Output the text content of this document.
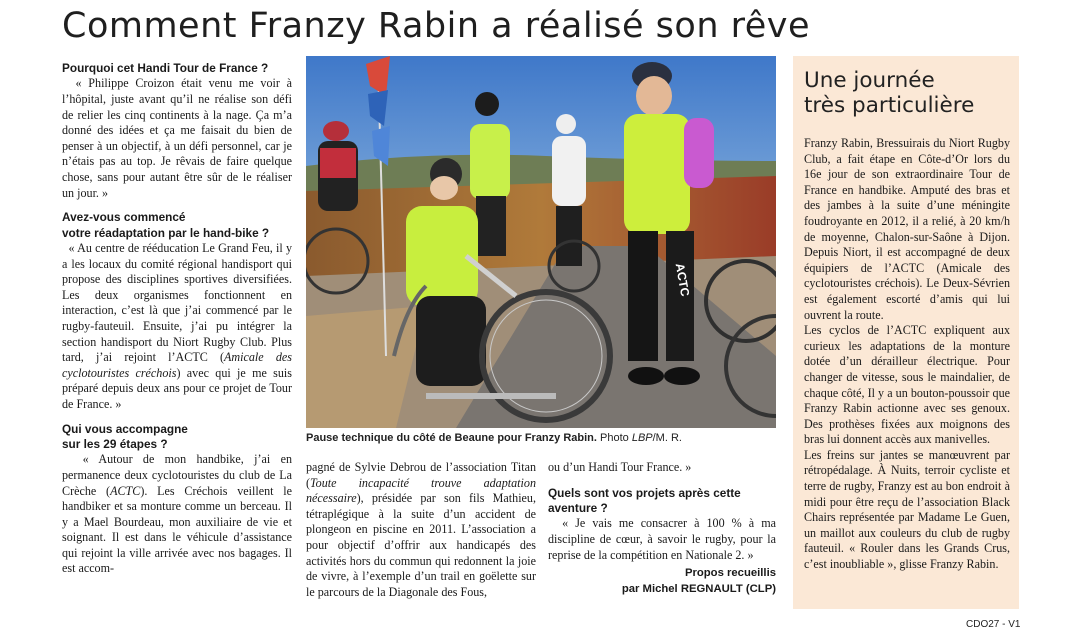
Comment Franzy Rabin a réalisé son rêve

Pourquoi cet Handi Tour de France ?

« Philippe Croizon était venu me voir à l’hôpital, juste avant qu’il ne réalise son défi de relier les cinq continents à la nage. Ça m’a donné des idées et ça me faisait du bien de penser à un objectif, à un défi personnel, car je n’étais pas au top. Je rêvais de faire quelque chose, sans pour autant être sûr de le réaliser un jour. »

Avez-vous commencé
votre réadaptation par le hand-bike ?

« Au centre de rééducation Le Grand Feu, il y a les locaux du comité régional handisport qui propose des disciplines sportives diversifiées. Les deux organismes fonctionnent en interaction, c’est là que j’ai commencé par le rugby-fauteuil. Ensuite, j’ai pu intégrer la section handisport du Niort Rugby Club. Plus tard, j’ai rejoint l’ACTC (Amicale des cyclotouristes créchois) avec qui je me suis préparé depuis deux ans pour ce projet de Tour de France. »

Qui vous accompagne
sur les 29 étapes ?

« Autour de mon handbike, j’ai en permanence deux cyclotouristes du club de La Crèche (ACTC). Les Créchois veillent le handbiker et sa monture comme un berceau. Il y a Mael Bourdeau, mon auxiliaire de vie et soignant. Il est dans le véhicule d’assistance qui rejoint la ville arrivée avec nos bagages. Il est accom-

ACTC
Pause technique du côté de Beaune pour Franzy Rabin. Photo LBP/M. R.

pagné de Sylvie Debrou de l’association Titan (Toute incapacité trouve adaptation nécessaire), présidée par son fils Mathieu, tétraplégique à la suite d’un accident de plongeon en piscine en 2011. L’association a pour objectif d’offrir aux handicapés des activités hors du commun qui redonnent la joie de vivre, à l’exemple d’un trail en goëlette sur le parcours de la Diagonale des Fous,

ou d’un Handi Tour France. »

Quels sont vos projets après cette aventure ?

« Je vais me consacrer à 100 % à ma discipline de cœur, à savoir le rugby, pour la reprise de la compétition en Nationale 2. »

Propos recueillis
par Michel REGNAULT (CLP)
Une journée
très particulière

Franzy Rabin, Bressuirais du Niort Rugby Club, a fait étape en Côte-d’Or lors du 16e jour de son extraordinaire Tour de France en handbike. Amputé des bras et des jambes à la suite d’une méningite foudroyante en 2012, il a relié, à 20 km/h de moyenne, Chalon-sur-Saône à Dijon. Depuis Niort, il est accompagné de deux équipiers de l’ACTC (Amicale des cyclotouristes créchois). Le Deux-Sévrien est également escorté d’amis qui lui ouvrent la route.

Les cyclos de l’ACTC expliquent aux curieux les adaptations de la monture dotée d’un dérailleur électrique. Pour changer de vitesse, sous le maindalier, de chaque côté, Il y a un bouton-poussoir que Franzy Rabin actionne avec ses genoux. Des prothèses fixées aux moignons des bras lui donnent accès aux manivelles.

Les freins sur jantes se manœuvrent par rétropédalage. À Nuits, terroir cycliste et terre de rugby, Franzy est au bon endroit à midi pour être reçu de l’association Black Chairs représentée par Madame Le Guen, un maillot aux couleurs du club de rugby fauteuil. « Rouler dans les Grands Crus, c’est inoubliable », glisse Franzy Rabin.

CDO27 - V1
